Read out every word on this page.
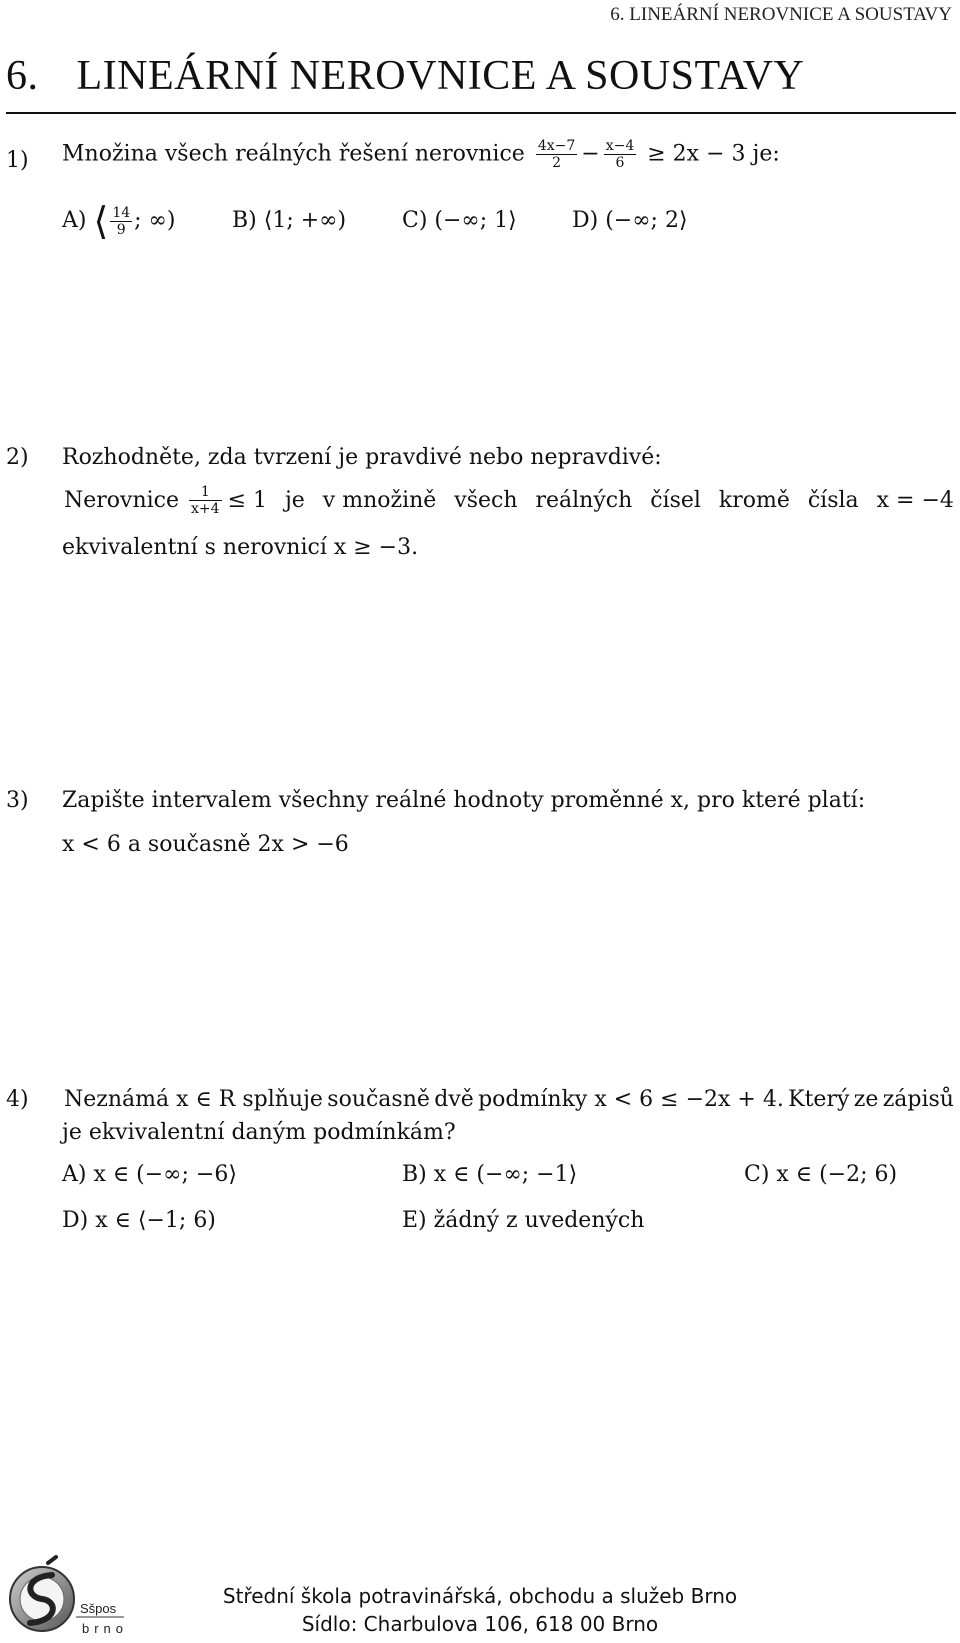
6. LINEÁRNÍ NEROVNICE A SOUSTAVY
6. LINEÁRNÍ NEROVNICE A SOUSTAVY
1) Množina všech reálných řešení nerovnice $\frac{4x-7}{2} - \frac{x-4}{6} \ge 2x - 3$ je:
A) ⟨ $\frac{14}{9}$ ; ∞)	B) ⟨1; +∞)	C) (−∞; 1⟩	D) (−∞; 2⟩
2) Rozhodněte, zda tvrzení je pravdivé nebo nepravdivé:
Nerovnice $\frac{1}{x+4} \le 1$ je v množině všech reálných čísel kromě čísla x = −4
ekvivalentní s nerovnicí x ≥ −3.
3) Zapište intervalem všechny reálné hodnoty proměnné x, pro které platí:
x < 6 a současně 2x > −6
4) Neznámá x ∈ R splňuje současně dvě podmínky x < 6 ≤ −2x + 4. Který ze zápisů
je ekvivalentní daným podmínkám?
A) x ∈ (−∞; −6⟩	B) x ∈ (−∞; −1⟩	C) x ∈ (−2; 6)
D) x ∈ ⟨−1; 6)	E) žádný z uvedených
Sšpos
brno
Střední škola potravinářská, obchodu a služeb Brno
Sídlo: Charbulova 106, 618 00 Brno
